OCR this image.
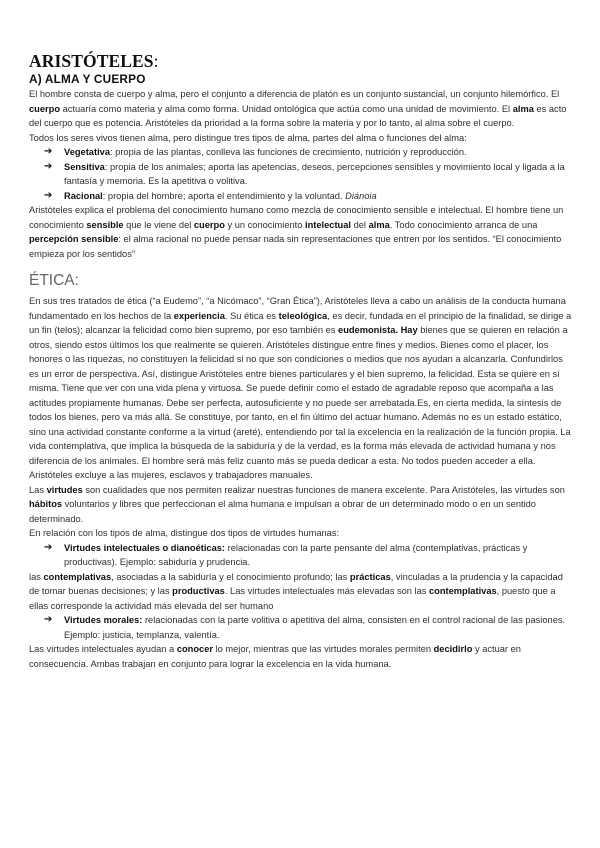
ARISTÓTELES:
A) ALMA Y CUERPO

El hombre consta de cuerpo y alma, pero el conjunto a diferencia de platón es un conjunto sustancial, un conjunto hilemórfico. El cuerpo actuaría como materia y alma como forma. Unidad ontológica que actúa como una unidad de movimiento. El alma es acto del cuerpo que es potencia. Aristóteles da prioridad a la forma sobre la materia y por lo tanto, al alma sobre el cuerpo.

Todos los seres vivos tienen alma, pero distingue tres tipos de alma, partes del alma o funciones del alma:

➔ Vegetativa: propia de las plantas, conlleva las funciones de crecimiento, nutrición y reproducción.
➔ Sensitiva: propia de los animales; aporta las apetencias, deseos, percepciones sensibles y movimiento local y ligada a la fantasía y memoria. Es la apetitiva o volitiva.
➔ Racional: propia del hombre; aporta el entendimiento y la voluntad. Diánoia

Aristóteles explica el problema del conocimiento humano como mezcla de conocimiento sensible e intelectual. El hombre tiene un conocimiento sensible que le viene del cuerpo y un conocimiento intelectual del alma. Todo conocimiento arranca de una percepción sensible: el alma racional no puede pensar nada sin representaciones que entren por los sentidos. “El conocimiento empieza por los sentidos”

ÉTICA:

En sus tres tratados de ética (“a Eudemo”, “a Nicómaco”, “Gran Ética”), Aristóteles lleva a cabo un análisis de la conducta humana fundamentado en los hechos de la experiencia. Su ética es teleológica, es decir, fundada en el principio de la finalidad, se dirige a un fin (telos); alcanzar la felicidad como bien supremo, por eso también es eudemonista. Hay bienes que se quieren en relación a otros, siendo estos últimos los que realmente se quieren. Aristóteles distingue entre fines y medios. Bienes como el placer, los honores o las riquezas, no constituyen la felicidad si no que son condiciones o medios que nos ayudan a alcanzarla. Confundirlos es un error de perspectiva. Así, distingue Aristóteles entre bienes particulares y el bien supremo, la felicidad. Esta se quiere en sí misma. Tiene que ver con una vida plena y virtuosa. Se puede definir como el estado de agradable reposo que acompaña a las actitudes propiamente humanas. Debe ser perfecta, autosuficiente y no puede ser arrebatada.Es, en cierta medida, la síntesis de todos los bienes, pero va más allá. Se constituye, por tanto, en el fin último del actuar humano. Además no es un estado estático, sino una actividad constante conforme a la virtud (areté), entendiendo por tal la excelencia en la realización de la función propia. La vida contemplativa, que implica la búsqueda de la sabiduría y de la verdad, es la forma más elevada de actividad humana y nos diferencia de los animales. El hombre será más feliz cuanto más se pueda dedicar a esta. No todos pueden acceder a ella. Aristóteles excluye a las mujeres, esclavos y trabajadores manuales.

Las virtudes son cualidades que nos permiten realizar nuestras funciones de manera excelente. Para Aristóteles, las virtudes son hábitos voluntarios y libres que perfeccionan el alma humana e impulsan a obrar de un determinado modo o en un sentido determinado.

En relación con los tipos de alma, distingue dos tipos de virtudes humanas:

➔ Virtudes intelectuales o dianoéticas: relacionadas con la parte pensante del alma (contemplativas, prácticas y productivas). Ejemplo: sabiduría y prudencia.

las contemplativas, asociadas a la sabiduría y el conocimiento profundo; las prácticas, vinculadas a la prudencia y la capacidad de tomar buenas decisiones; y las productivas. Las virtudes intelectuales más elevadas son las contemplativas, puesto que a ellas corresponde la actividad más elevada del ser humano

➔ Virtudes morales: relacionadas con la parte volitiva o apetitiva del alma, consisten en el control racional de las pasiones. Ejemplo: justicia, templanza, valentía.

Las virtudes intelectuales ayudan a conocer lo mejor, mientras que las virtudes morales permiten decidirlo y actuar en consecuencia. Ambas trabajan en conjunto para lograr la excelencia en la vida humana.
